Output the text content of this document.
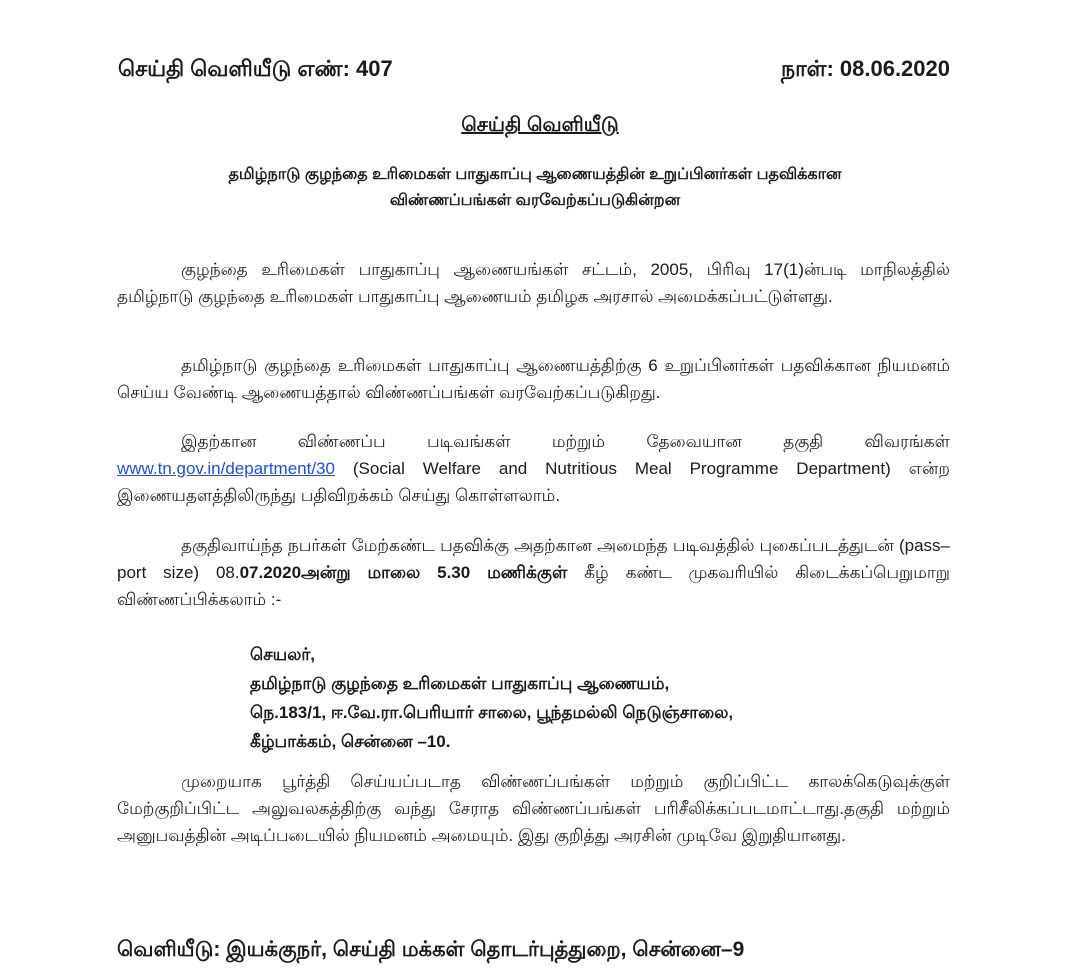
செய்தி வெளியீடு எண்: 407	நாள்: 08.06.2020
செய்தி வெளியீடு
தமிழ்நாடு குழந்தை உரிமைகள் பாதுகாப்பு ஆணையத்தின் உறுப்பினர்கள் பதவிக்கான
விண்ணப்பங்கள் வரவேற்கப்படுகின்றன
குழந்தை உரிமைகள் பாதுகாப்பு ஆணையங்கள் சட்டம், 2005, பிரிவு 17(1)ன்படி மாநிலத்தில் தமிழ்நாடு குழந்தை உரிமைகள் பாதுகாப்பு ஆணையம் தமிழக அரசால் அமைக்கப்பட்டுள்ளது.
தமிழ்நாடு குழந்தை உரிமைகள் பாதுகாப்பு ஆணையத்திற்கு 6 உறுப்பினர்கள் பதவிக்கான நியமனம் செய்ய வேண்டி ஆணையத்தால் விண்ணப்பங்கள் வரவேற்கப்படுகிறது.
இதற்கான விண்ணப்ப படிவங்கள் மற்றும் தேவையான தகுதி விவரங்கள் www.tn.gov.in/department/30 (Social Welfare and Nutritious Meal Programme Department) என்ற இணையதளத்திலிருந்து பதிவிறக்கம் செய்து கொள்ளலாம்.
தகுதிவாய்ந்த நபர்கள் மேற்கண்ட பதவிக்கு அதற்கான அமைந்த படிவத்தில் புகைப்படத்துடன் (pass–port size) 08.07.2020அன்று மாலை 5.30 மணிக்குள் கீழ் கண்ட முகவரியில் கிடைக்கப்பெறுமாறு விண்ணப்பிக்கலாம் :-
செயலர்,
தமிழ்நாடு குழந்தை உரிமைகள் பாதுகாப்பு ஆணையம்,
நெ.183/1, ஈ.வே.ரா.பெரியார் சாலை, பூந்தமல்லி நெடுஞ்சாலை,
கீழ்பாக்கம், சென்னை –10.
முறையாக பூர்த்தி செய்யப்படாத விண்ணப்பங்கள் மற்றும் குறிப்பிட்ட காலக்கெடுவுக்குள் மேற்குறிப்பிட்ட அலுவலகத்திற்கு வந்து சேராத விண்ணப்பங்கள் பரிசீலிக்கப்படமாட்டாது.தகுதி மற்றும் அனுபவத்தின் அடிப்படையில் நியமனம் அமையும். இது குறித்து அரசின் முடிவே இறுதியானது.
வெளியீடு: இயக்குநர், செய்தி மக்கள் தொடர்புத்துறை, சென்னை–9
